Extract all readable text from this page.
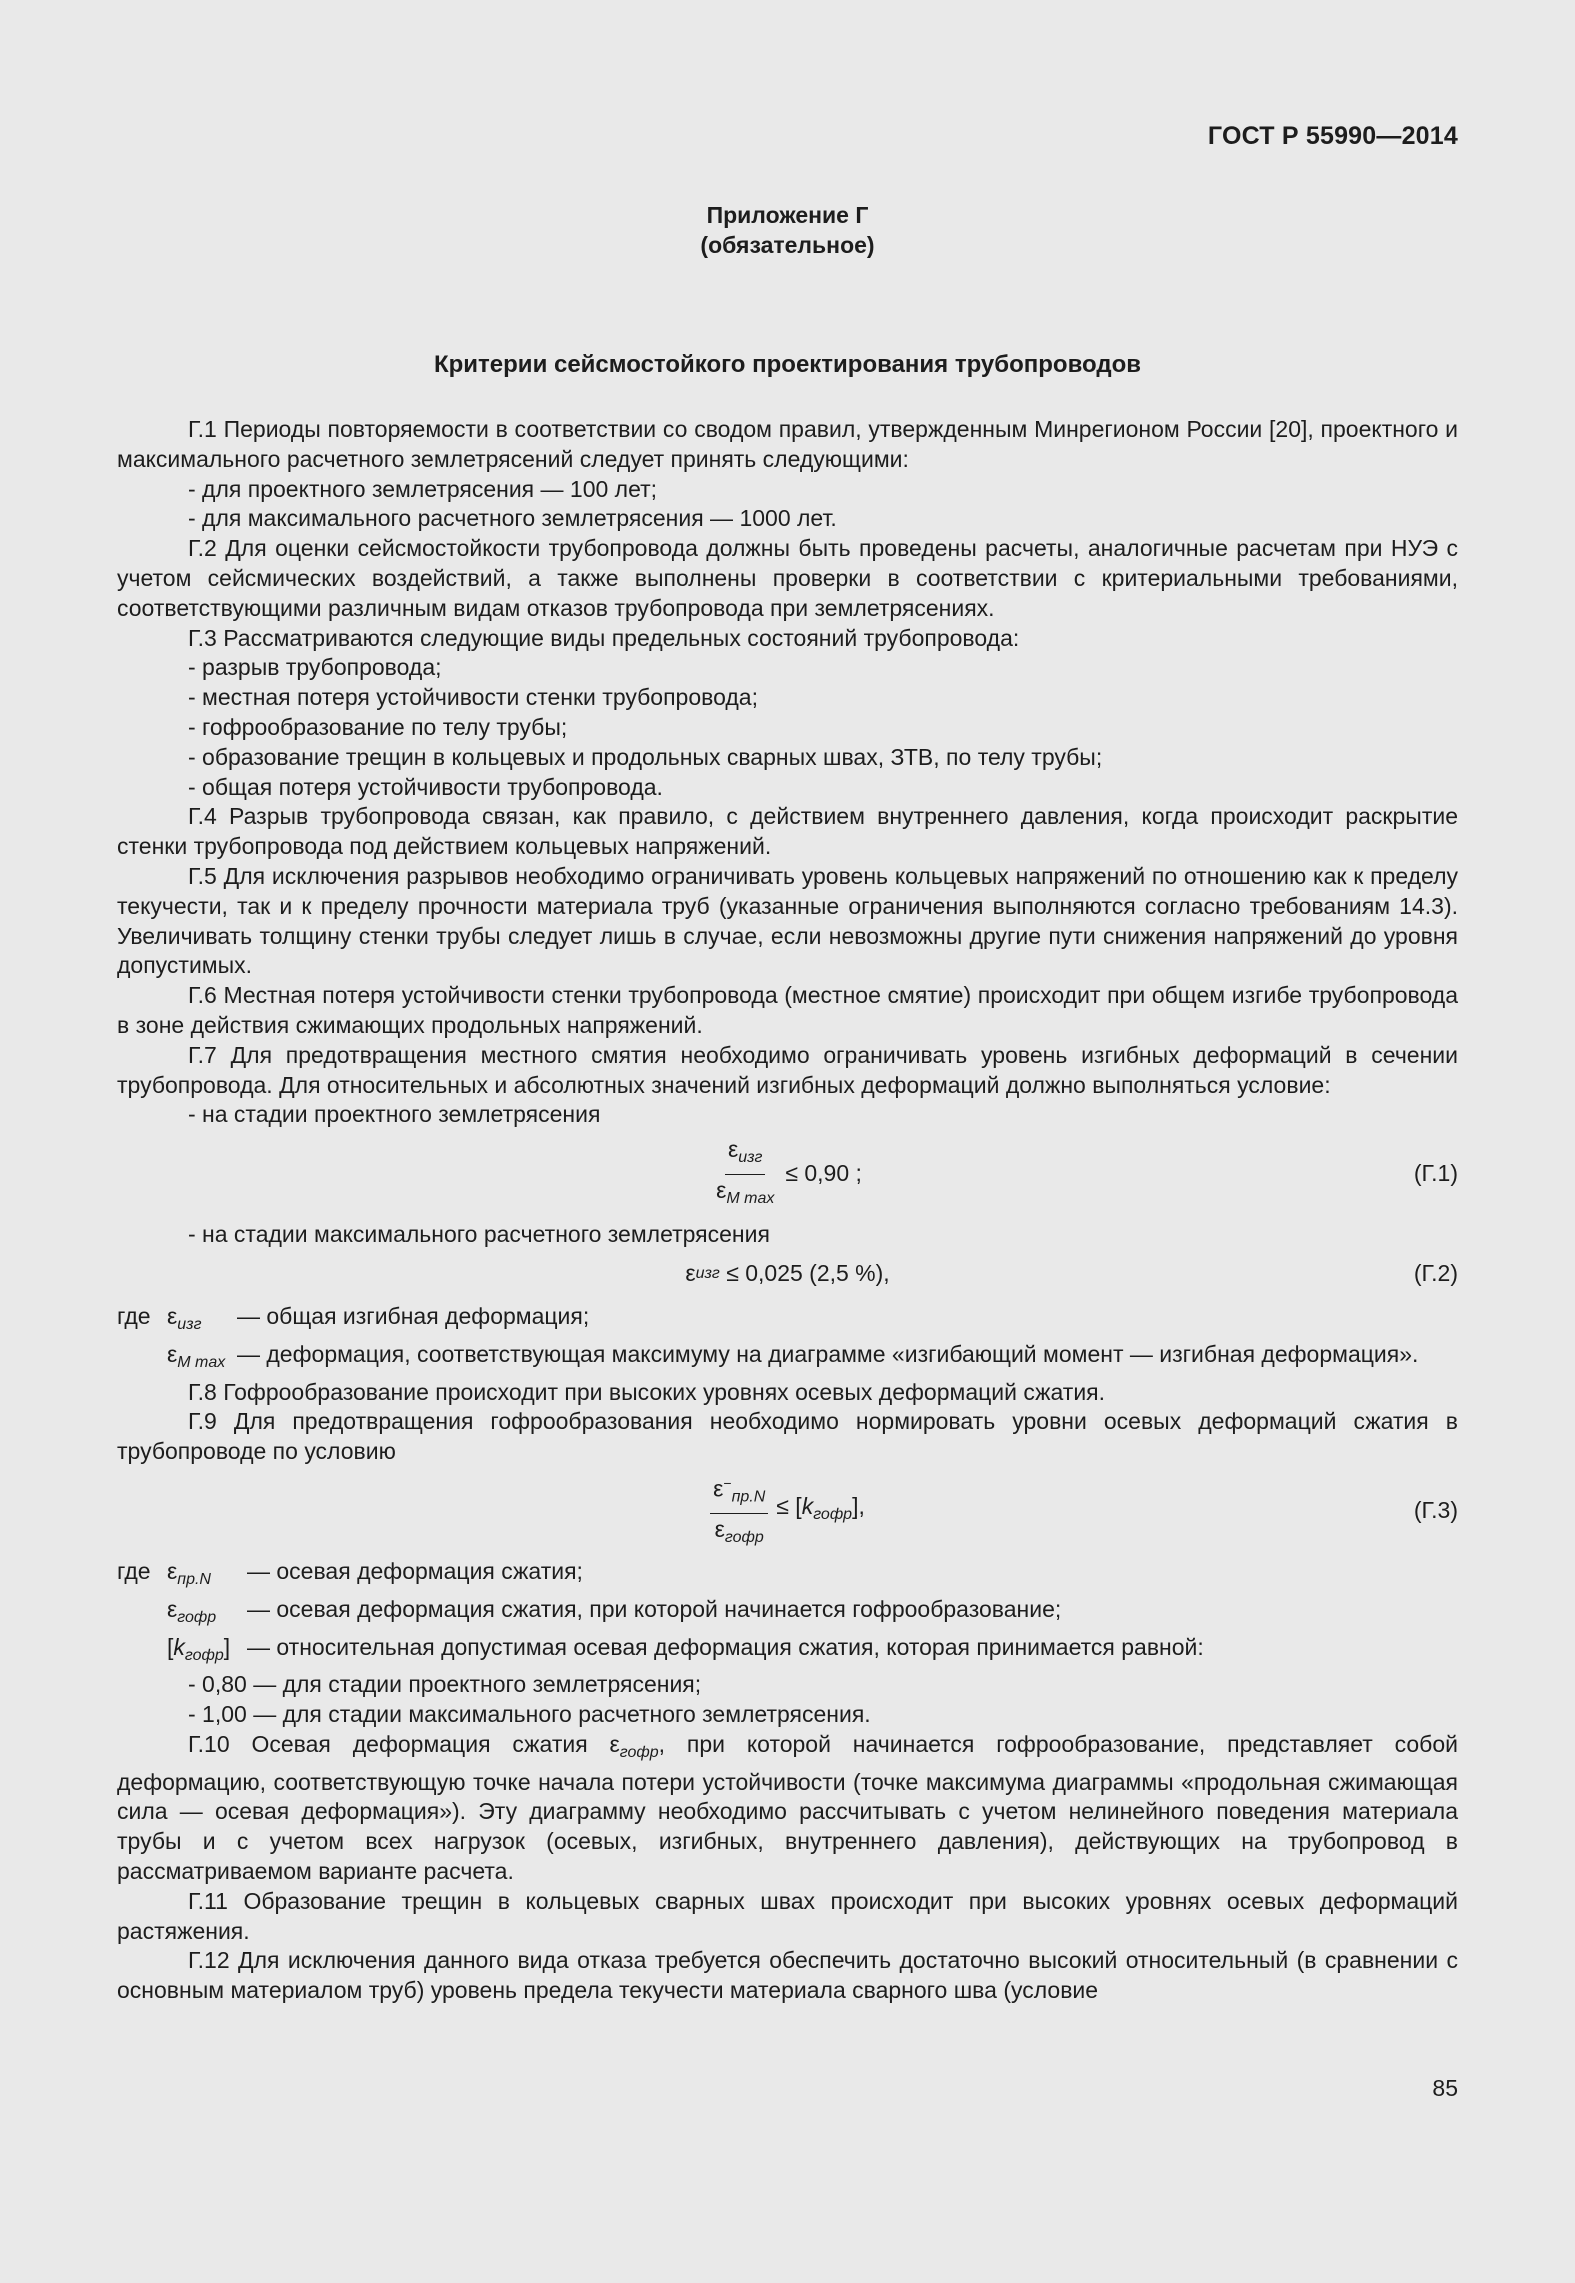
ГОСТ Р 55990—2014
Приложение Г
(обязательное)
Критерии сейсмостойкого проектирования трубопроводов

Г.1 Периоды повторяемости в соответствии со сводом правил, утвержденным Минрегионом России [20], проектного и максимального расчетного землетрясений следует принять следующими:

- для проектного землетрясения — 100 лет;

- для максимального расчетного землетрясения — 1000 лет.

Г.2 Для оценки сейсмостойкости трубопровода должны быть проведены расчеты, аналогичные расчетам при НУЭ с учетом сейсмических воздействий, а также выполнены проверки в соответствии с критериальными требованиями, соответствующими различным видам отказов трубопровода при землетрясениях.

Г.3 Рассматриваются следующие виды предельных состояний трубопровода:

- разрыв трубопровода;

- местная потеря устойчивости стенки трубопровода;

- гофрообразование по телу трубы;

- образование трещин в кольцевых и продольных сварных швах, ЗТВ, по телу трубы;

- общая потеря устойчивости трубопровода.

Г.4 Разрыв трубопровода связан, как правило, с действием внутреннего давления, когда происходит раскрытие стенки трубопровода под действием кольцевых напряжений.

Г.5 Для исключения разрывов необходимо ограничивать уровень кольцевых напряжений по отношению как к пределу текучести, так и к пределу прочности материала труб (указанные ограничения выполняются согласно требованиям 14.3). Увеличивать толщину стенки трубы следует лишь в случае, если невозможны другие пути снижения напряжений до уровня допустимых.

Г.6 Местная потеря устойчивости стенки трубопровода (местное смятие) происходит при общем изгибе трубопровода в зоне действия сжимающих продольных напряжений.

Г.7 Для предотвращения местного смятия необходимо ограничивать уровень изгибных деформаций в сечении трубопровода. Для относительных и абсолютных значений изгибных деформаций должно выполняться условие:

- на стадии проектного землетрясения

$\frac{\varepsilon_{изг}}{\varepsilon_{M max}} \le 0,90$ ;	(Г.1)

- на стадии максимального расчетного землетрясения

ε изг
≤ 0,025 (2,5 %),	(Г.2)
где $\varepsilon_{изг}$	— общая изгибная деформация;
$\varepsilon_{M max}$ — деформация, соответствующая максимуму на диаграмме «изгибающий момент — изгибная деформация».

Г.8 Гофрообразование происходит при высоких уровнях осевых деформаций сжатия.

Г.9 Для предотвращения гофрообразования необходимо нормировать уровни осевых деформаций сжатия в трубопроводе по условию

$\frac{\varepsilon^-_{пр.N}}{\varepsilon_{гофр}} \le [k_{гофр}]$,	(Г.3)
где $\varepsilon_{пр.N}$	— осевая деформация сжатия;
$\varepsilon_{гофр}$	— осевая деформация сжатия, при которой начинается гофрообразование;
$[k_{гофр}]$ — относительная допустимая осевая деформация сжатия, которая принимается равной:

- 0,80 — для стадии проектного землетрясения;

- 1,00 — для стадии максимального расчетного землетрясения.

Г.10 Осевая деформация сжатия $\varepsilon_{гофр}$, при которой начинается гофрообразование, представляет собой деформацию, соответствующую точке начала потери устойчивости (точке максимума диаграммы «продольная сжимающая сила — осевая деформация»). Эту диаграмму необходимо рассчитывать с учетом нелинейного поведения материала трубы и с учетом всех нагрузок (осевых, изгибных, внутреннего давления), действующих на трубопровод в рассматриваемом варианте расчета.

Г.11 Образование трещин в кольцевых сварных швах происходит при высоких уровнях осевых деформаций растяжения.

Г.12 Для исключения данного вида отказа требуется обеспечить достаточно высокий относительный (в сравнении с основным материалом труб) уровень предела текучести материала сварного шва (условие

85
